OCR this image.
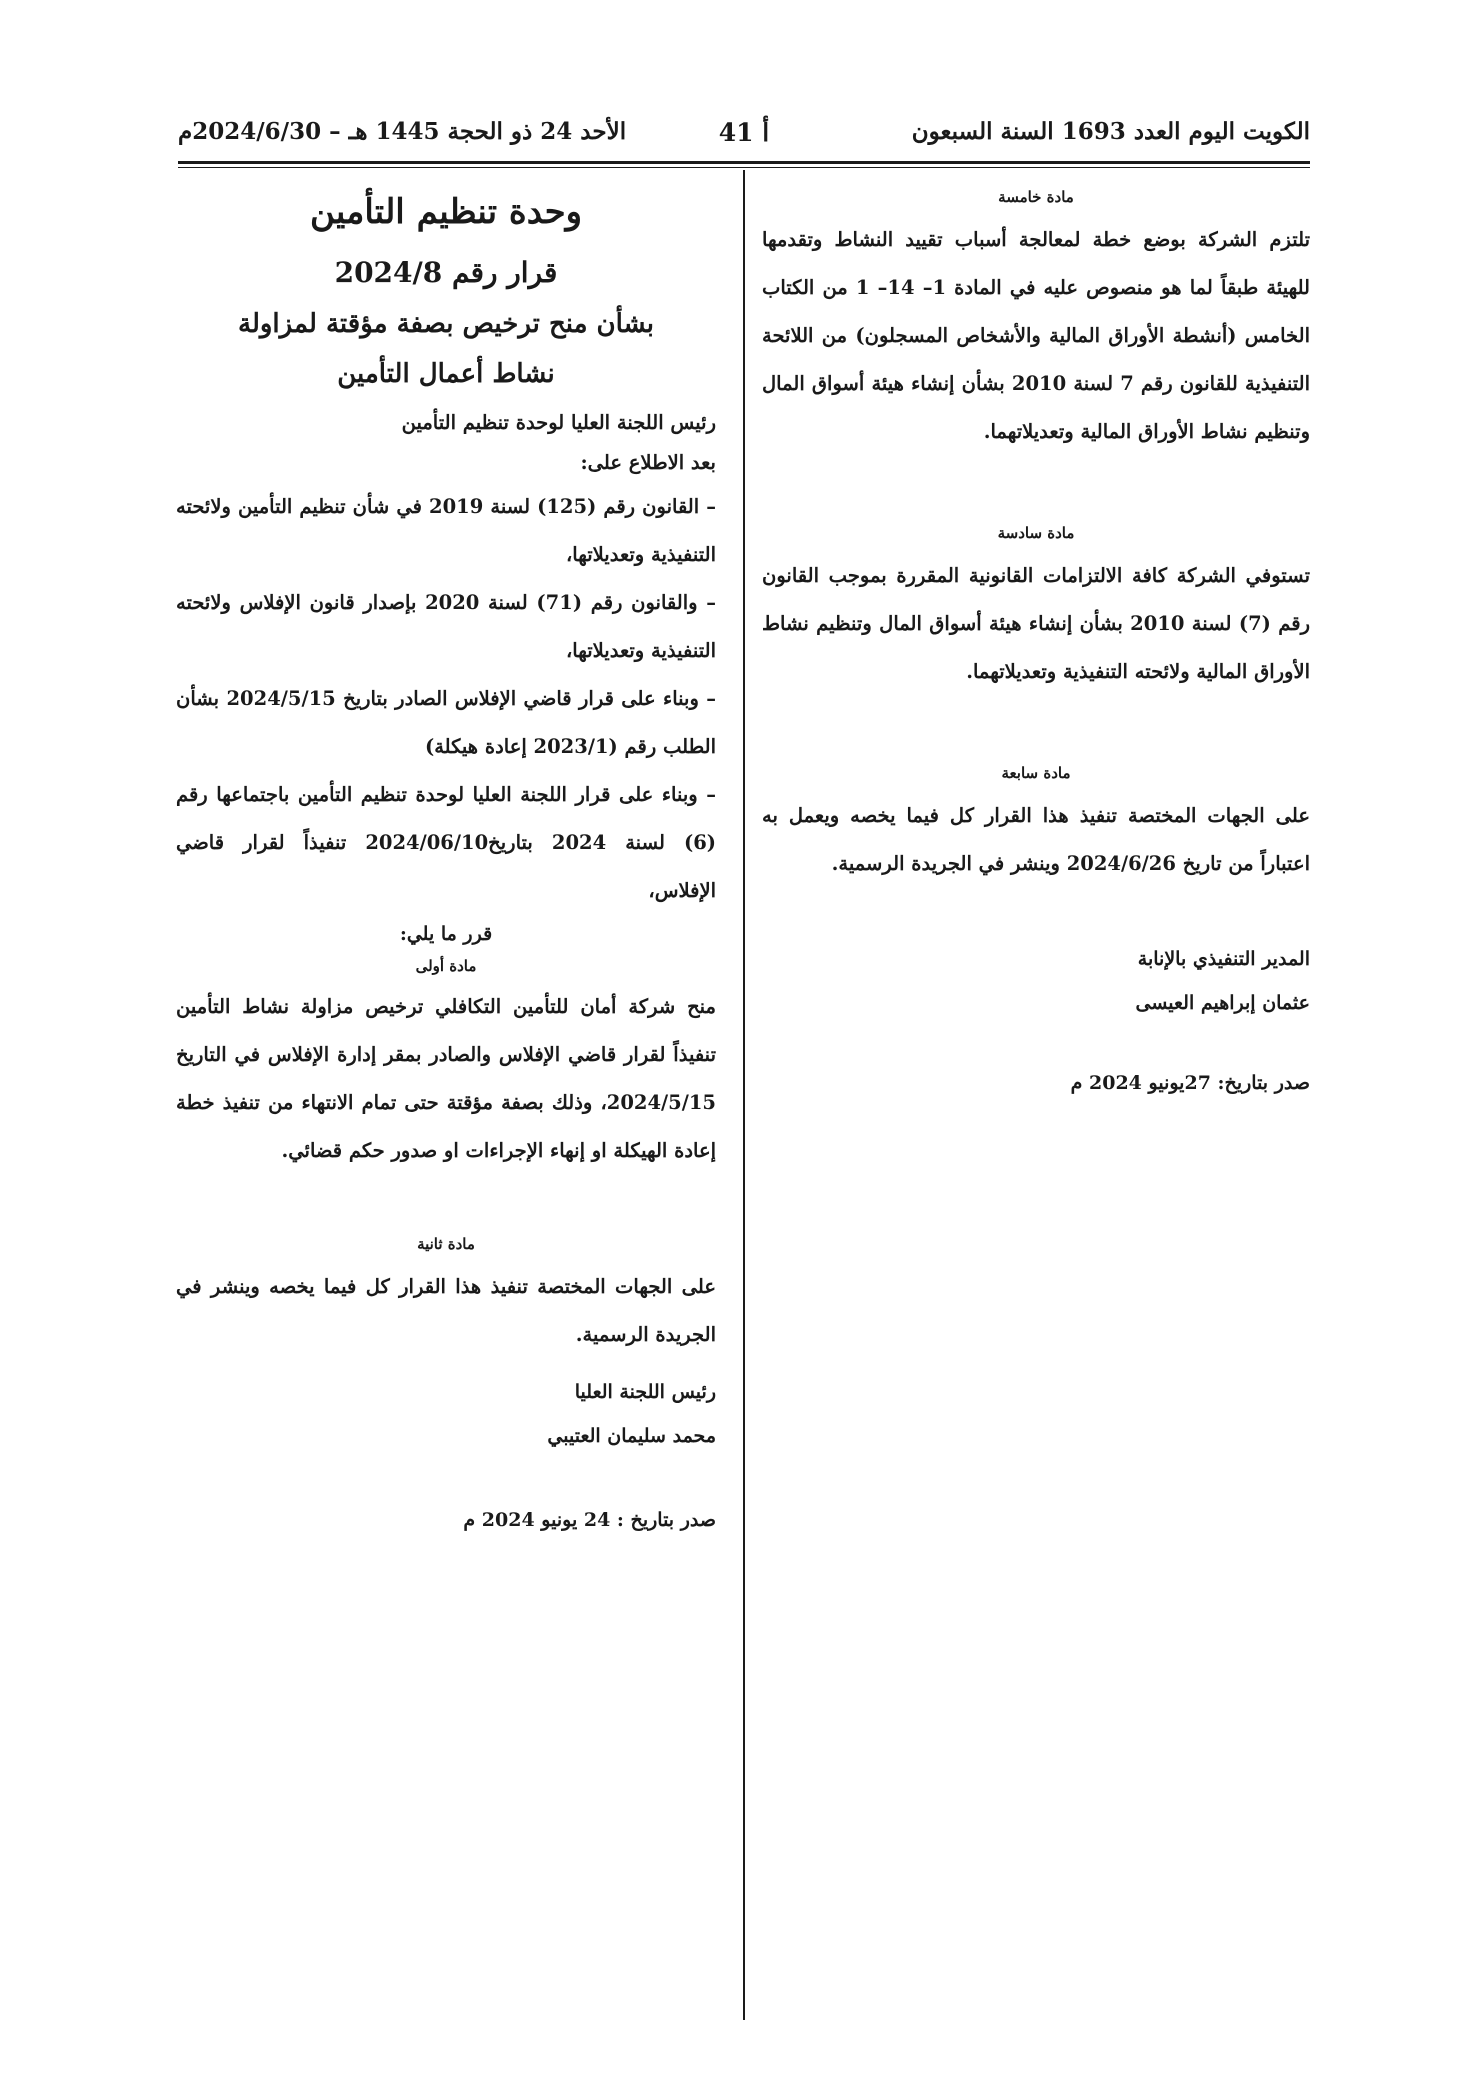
الكويت اليوم العدد 1693 السنة السبعون
أ 41
الأحد 24 ذو الحجة 1445 هـ – 2024/6/30م

مادة خامسة

تلتزم الشركة بوضع خطة لمعالجة أسباب تقييد النشاط وتقدمها للهيئة طبقاً لما هو منصوص عليه في المادة 1– 14– 1 من الكتاب الخامس (أنشطة الأوراق المالية والأشخاص المسجلون) من اللائحة التنفيذية للقانون رقم 7 لسنة 2010 بشأن إنشاء هيئة أسواق المال وتنظيم نشاط الأوراق المالية وتعديلاتهما.

مادة سادسة

تستوفي الشركة كافة الالتزامات القانونية المقررة بموجب القانون رقم (7) لسنة 2010 بشأن إنشاء هيئة أسواق المال وتنظيم نشاط الأوراق المالية ولائحته التنفيذية وتعديلاتهما.

مادة سابعة

على الجهات المختصة تنفيذ هذا القرار كل فيما يخصه ويعمل به اعتباراً من تاريخ 2024/6/26 وينشر في الجريدة الرسمية.

المدير التنفيذي بالإنابة

عثمان إبراهيم العيسى

صدر بتاريخ: 27يونيو 2024 م

وحدة تنظيم التأمين

قرار رقم 2024/8

بشأن منح ترخيص بصفة مؤقتة لمزاولة

نشاط أعمال التأمين

رئيس اللجنة العليا لوحدة تنظيم التأمين

بعد الاطلاع على:

– القانون رقم (125) لسنة 2019 في شأن تنظيم التأمين ولائحته التنفيذية وتعديلاتها،

– والقانون رقم (71) لسنة 2020 بإصدار قانون الإفلاس ولائحته التنفيذية وتعديلاتها،

– وبناء على قرار قاضي الإفلاس الصادر بتاريخ 2024/5/15 بشأن الطلب رقم (2023/1 إعادة هيكلة)

– وبناء على قرار اللجنة العليا لوحدة تنظيم التأمين باجتماعها رقم (6) لسنة 2024 بتاريخ2024/06/10 تنفيذاً لقرار قاضي الإفلاس،

قرر ما يلي:

مادة أولى

منح شركة أمان للتأمين التكافلي ترخيص مزاولة نشاط التأمين تنفيذاً لقرار قاضي الإفلاس والصادر بمقر إدارة الإفلاس في التاريخ 2024/5/15، وذلك بصفة مؤقتة حتى تمام الانتهاء من تنفيذ خطة إعادة الهيكلة او إنهاء الإجراءات او صدور حكم قضائي.

مادة ثانية

على الجهات المختصة تنفيذ هذا القرار كل فيما يخصه وينشر في الجريدة الرسمية.

رئيس اللجنة العليا

محمد سليمان العتيبي

صدر بتاريخ : 24 يونيو 2024 م
